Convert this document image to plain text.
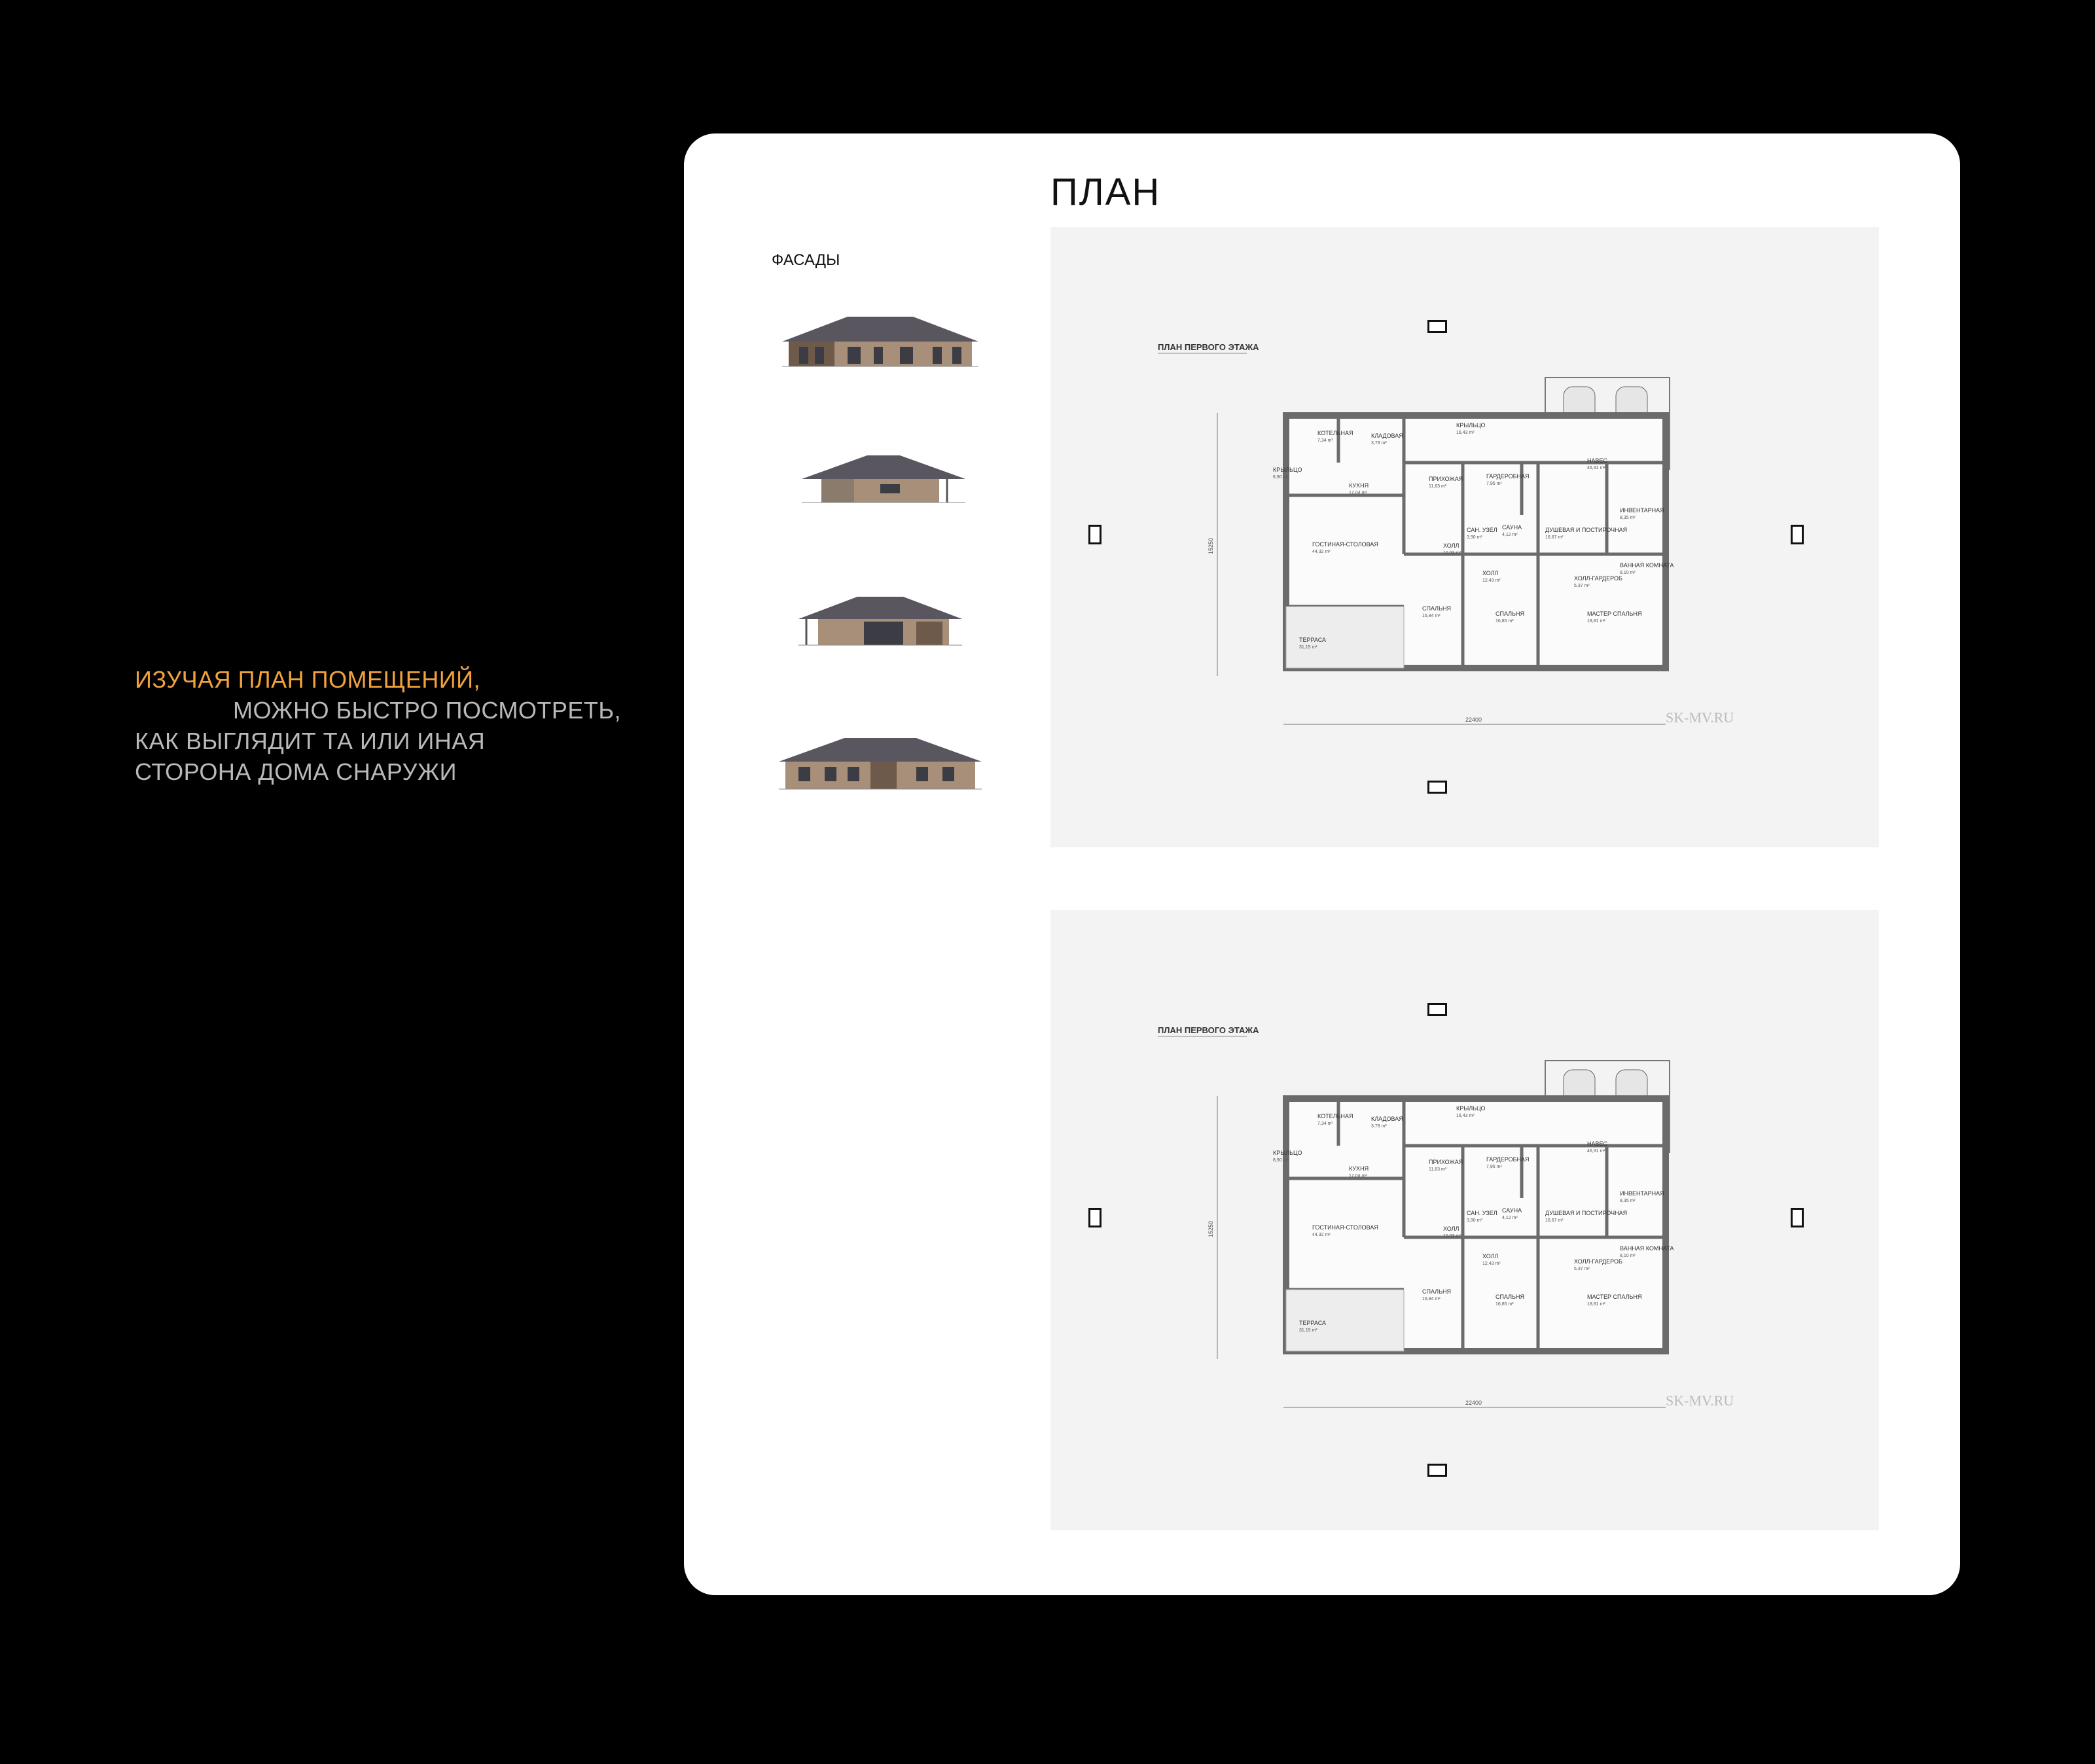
ИЗУЧАЯ ПЛАН ПОМЕЩЕНИЙ,
МОЖНО БЫСТРО ПОСМОТРЕТЬ,
КАК ВЫГЛЯДИТ ТА ИЛИ ИНАЯ
СТОРОНА ДОМА СНАРУЖИ
ПЛАН
ФАСАДЫ
ПЛАН ПЕРВОГО ЭТАЖА
15250
22400	SK-MV.RU
КОТЕЛЬНАЯ
7,34 m²
КЛАДОВАЯ
3,78 m²
КРЫЛЬЦО
16,43 m²
НАВЕС
46,31 m²
КРЫЛЬЦО
8,90 m²
КУХНЯ
17,04 m²
ПРИХОЖАЯ
11,63 m²
ГАРДЕРОБНАЯ
7,95 m²
ИНВЕНТАРНАЯ
8,35 m²
ГОСТИНАЯ-СТОЛОВАЯ
44,32 m²
ХОЛЛ
10,93 m²
САН. УЗЕЛ
3,90 m²
САУНА
4,12 m²
ДУШЕВАЯ И ПОСТИРОЧНАЯ
16,67 m²
ХОЛЛ
12,43 m²	ХОЛЛ-ГАРДЕРОБ
5,37 m²
ВАННАЯ КОМНАТА
8,10 m²
СПАЛЬНЯ
16,84 m²	СПАЛЬНЯ
16,85 m²
МАСТЕР СПАЛЬНЯ
18,81 m²
ТЕРРАСА
31,15 m²
ПЛАН ПЕРВОГО ЭТАЖА
15250
22400	SK-MV.RU
КОТЕЛЬНАЯ
7,34 m²
КЛАДОВАЯ
3,78 m²
КРЫЛЬЦО
16,43 m²
НАВЕС
46,31 m²
КРЫЛЬЦО
8,90 m²
КУХНЯ
17,04 m²
ПРИХОЖАЯ
11,63 m²
ГАРДЕРОБНАЯ
7,95 m²
ИНВЕНТАРНАЯ
8,35 m²
ГОСТИНАЯ-СТОЛОВАЯ
44,32 m²
ХОЛЛ
10,93 m²
САН. УЗЕЛ
3,90 m²
САУНА
4,12 m²
ДУШЕВАЯ И ПОСТИРОЧНАЯ
16,67 m²
ХОЛЛ
12,43 m²	ХОЛЛ-ГАРДЕРОБ
5,37 m²
ВАННАЯ КОМНАТА
8,10 m²
СПАЛЬНЯ
16,84 m²	СПАЛЬНЯ
16,85 m²
МАСТЕР СПАЛЬНЯ
18,81 m²
ТЕРРАСА
31,15 m²
